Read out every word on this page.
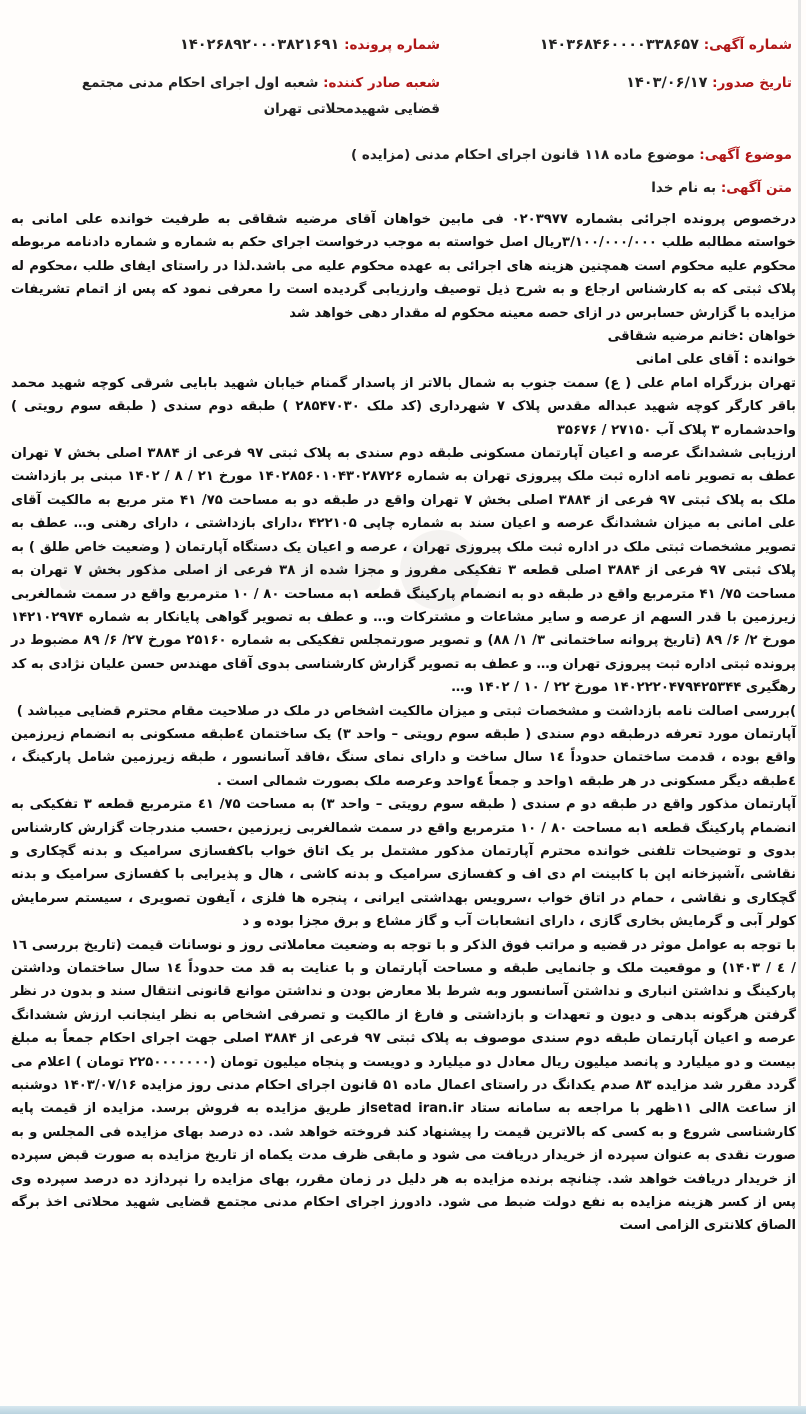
شماره آگهی: ۱۴۰۳۶۸۴۶۰۰۰۰۳۳۸۶۵۷
شماره پرونده: ۱۴۰۲۶۸۹۲۰۰۰۳۸۲۱۶۹۱
تاریخ صدور: ۱۴۰۳/۰۶/۱۷
شعبه صادر کننده: شعبه اول اجرای احکام مدنی مجتمع قضایی شهیدمحلاتی تهران
موضوع آگهی: موضوع ماده ۱۱۸ قانون اجرای احکام مدنی (مزایده )
متن آگهی: به نام خدا

درخصوص پرونده اجرائی بشماره ۰۲۰۳۹۷۷ فی مابین خواهان آقای مرضیه شقاقی به طرفیت خوانده علی امانی به خواسته مطالبه طلب ۳/۱۰۰/۰۰۰/۰۰۰ریال اصل خواسته به موجب درخواست اجرای حکم به شماره و شماره دادنامه مربوطه محکوم علیه محکوم است همچنین هزینه های اجرائی به عهده محکوم علیه می باشد.لذا در راستای ایفای طلب ،محکوم له پلاک ثبتی که به کارشناس ارجاع و به شرح ذیل توصیف وارزیابی گردیده است را معرفی نمود که پس از اتمام تشریفات مزایده با گزارش حسابرس در ازای حصه معینه محکوم له مقدار دهی خواهد شد

خواهان :خانم مرضیه شقاقی

خوانده : آقای علی امانی

تهران بزرگراه امام علی ( ع) سمت جنوب به شمال بالاتر از پاسدار گمنام خیابان شهید بابایی شرقی کوچه شهید محمد باقر کارگر کوچه شهید عبداله مقدس پلاک ۷ شهرداری (کد ملک ۲۸۵۴۷۰۳۰ ) طبقه دوم سندی ( طبقه سوم رویتی ) واحدشماره ۳ پلاک آب ۲۷۱۵۰ / ۳۵۶۷۶

ارزیابی ششدانگ عرصه و اعیان آپارتمان مسکونی طبقه دوم سندی به پلاک ثبتی ۹۷ فرعی از ۳۸۸۴ اصلی بخش ۷ تهران عطف به تصویر نامه اداره ثبت ملک پیروزی تهران به شماره ۱۴۰۲۸۵۶۰۱۰۴۳۰۲۸۷۲۶ مورخ ۲۱ / ۸ / ۱۴۰۲ مبنی بر بازداشت ملک به پلاک ثبتی ۹۷ فرعی از ۳۸۸۴ اصلی بخش ۷ تهران واقع در طبقه دو به مساحت ۷۵/ ۴۱ متر مربع به مالکیت آقای علی امانی به میزان ششدانگ عرصه و اعیان سند به شماره چاپی ۴۲۲۱۰۵ ،دارای بازداشتی ، دارای رهنی و… عطف به تصویر مشخصات ثبتی ملک در اداره ثبت ملک پیروزی تهران ، عرصه و اعیان یک دستگاه آپارتمان ( وضعیت خاص طلق ) به پلاک ثبتی ۹۷ فرعی از ۳۸۸۴ اصلی قطعه ۳ تفکیکی مفروز و مجزا شده از ۳۸ فرعی از اصلی مذکور بخش ۷ تهران به مساحت ۷۵/ ۴۱ مترمربع واقع در طبقه دو به انضمام پارکینگ قطعه ۱به مساحت ۸۰ / ۱۰ مترمربع واقع در سمت شمالغربی زیرزمین با قدر السهم از عرصه و سایر مشاعات و مشترکات و… و عطف به تصویر گواهی پایانکار به شماره ۱۴۲۱۰۲۹۷۴ مورخ ۲/ ۶/ ۸۹ (تاریخ پروانه ساختمانی ۳/ ۱/ ۸۸) و تصویر صورتمجلس تفکیکی به شماره ۲۵۱۶۰ مورخ ۲۷/ ۶/ ۸۹ مضبوط در پرونده ثبتی اداره ثبت پیروزی تهران و… و عطف به تصویر گزارش کارشناسی بدوی آقای مهندس حسن علیان نژادی به کد رهگیری ۱۴۰۲۲۲۰۴۷۹۴۲۵۳۴۴ مورخ ۲۲ / ۱۰ / ۱۴۰۲ و…

)بررسی اصالت نامه بازداشت و مشخصات ثبتی و میزان مالکیت اشخاص در ملک در صلاحیت مقام محترم قضایی میباشد )

آپارتمان مورد تعرفه درطبقه دوم سندی ( طبقه سوم رویتی – واحد ۳) یک ساختمان ٤طبقه مسکونی به انضمام زیرزمین واقع بوده ، قدمت ساختمان حدوداً ١٤ سال ساخت و دارای نمای سنگ ،فاقد آسانسور ، طبقه زیرزمین شامل پارکینگ ، ٤طبقه دیگر مسکونی در هر طبقه ۱واحد و جمعاً ٤واحد وعرصه ملک بصورت شمالی است .

آپارتمان مذکور واقع در طبقه دو م سندی ( طبقه سوم رویتی – واحد ۳) به مساحت ۷۵/ ٤۱ مترمربع قطعه ۳ تفکیکی به انضمام پارکینگ قطعه ۱به مساحت ۸۰ / ۱۰ مترمربع واقع در سمت شمالغربی زیرزمین ،حسب مندرجات گزارش کارشناس بدوی و توضیحات تلفنی خوانده محترم آپارتمان مذکور مشتمل بر یک اتاق خواب باکفسازی سرامیک و بدنه گچکاری و نقاشی ،آشپزخانه اپن با کابینت ام دی اف و کفسازی سرامیک و بدنه کاشی ، هال و پذیرایی با کفسازی سرامیک و بدنه گچکاری و نقاشی ، حمام در اتاق خواب ،سرویس بهداشتی ایرانی ، پنجره ها فلزی ، آیفون تصویری ، سیستم سرمایش کولر آبی و گرمایش بخاری گازی ، دارای انشعابات آب و گاز مشاع و برق مجزا بوده و د

با توجه به عوامل موثر در قضیه و مراتب فوق الذکر و با توجه به وضعیت معاملاتی روز و نوسانات قیمت (تاریخ بررسی ١٦ / ٤ / ۱۴۰۳) و موقعیت ملک و جانمایی طبقه و مساحت آپارتمان و با عنایت به قد مت حدوداً ١٤ سال ساختمان وداشتن پارکینگ و نداشتن انباری و نداشتن آسانسور وبه شرط بلا معارض بودن و نداشتن موانع قانونی انتقال سند و بدون در نظر گرفتن هرگونه بدهی و دیون و تعهدات و بازداشتی و فارغ از مالکیت و تصرفی اشخاص به نظر اینجانب ارزش ششدانگ عرصه و اعیان آپارتمان طبقه دوم سندی موصوف به پلاک ثبتی ۹۷ فرعی از ۳۸۸۴ اصلی جهت اجرای احکام جمعاً به مبلغ بیست و دو میلیارد و پانصد میلیون ریال معادل دو میلیارد و دویست و پنجاه میلیون تومان (۲۲۵۰۰۰۰۰۰۰ تومان ) اعلام می گردد مقرر شد مزایده ۸۳ صدم یکدانگ در راستای اعمال ماده ۵۱ قانون اجرای احکام مدنی روز مزایده ۱۴۰۳/۰۷/۱۶ دوشنبه از ساعت ۸الی ۱۱ظهر با مراجعه به سامانه ستاد setad iran.irاز طریق مزایده به فروش برسد. مزایده از قیمت پایه کارشناسی شروع و به کسی که بالاترین قیمت را پیشنهاد کند فروخته خواهد شد. ده درصد بهای مزایده فی المجلس و به صورت نقدی به عنوان سپرده از خریدار دریافت می شود و مابقی ظرف مدت یکماه از تاریخ مزایده به صورت قبض سپرده از خریدار دریافت خواهد شد. چنانچه برنده مزایده به هر دلیل در زمان مقرر، بهای مزایده را نپردازد ده درصد سپرده وی پس از کسر هزینه مزایده به نفع دولت ضبط می شود. دادورز اجرای احکام مدنی مجتمع قضایی شهید محلاتی اخذ برگه الصاق کلانتری الزامی است
